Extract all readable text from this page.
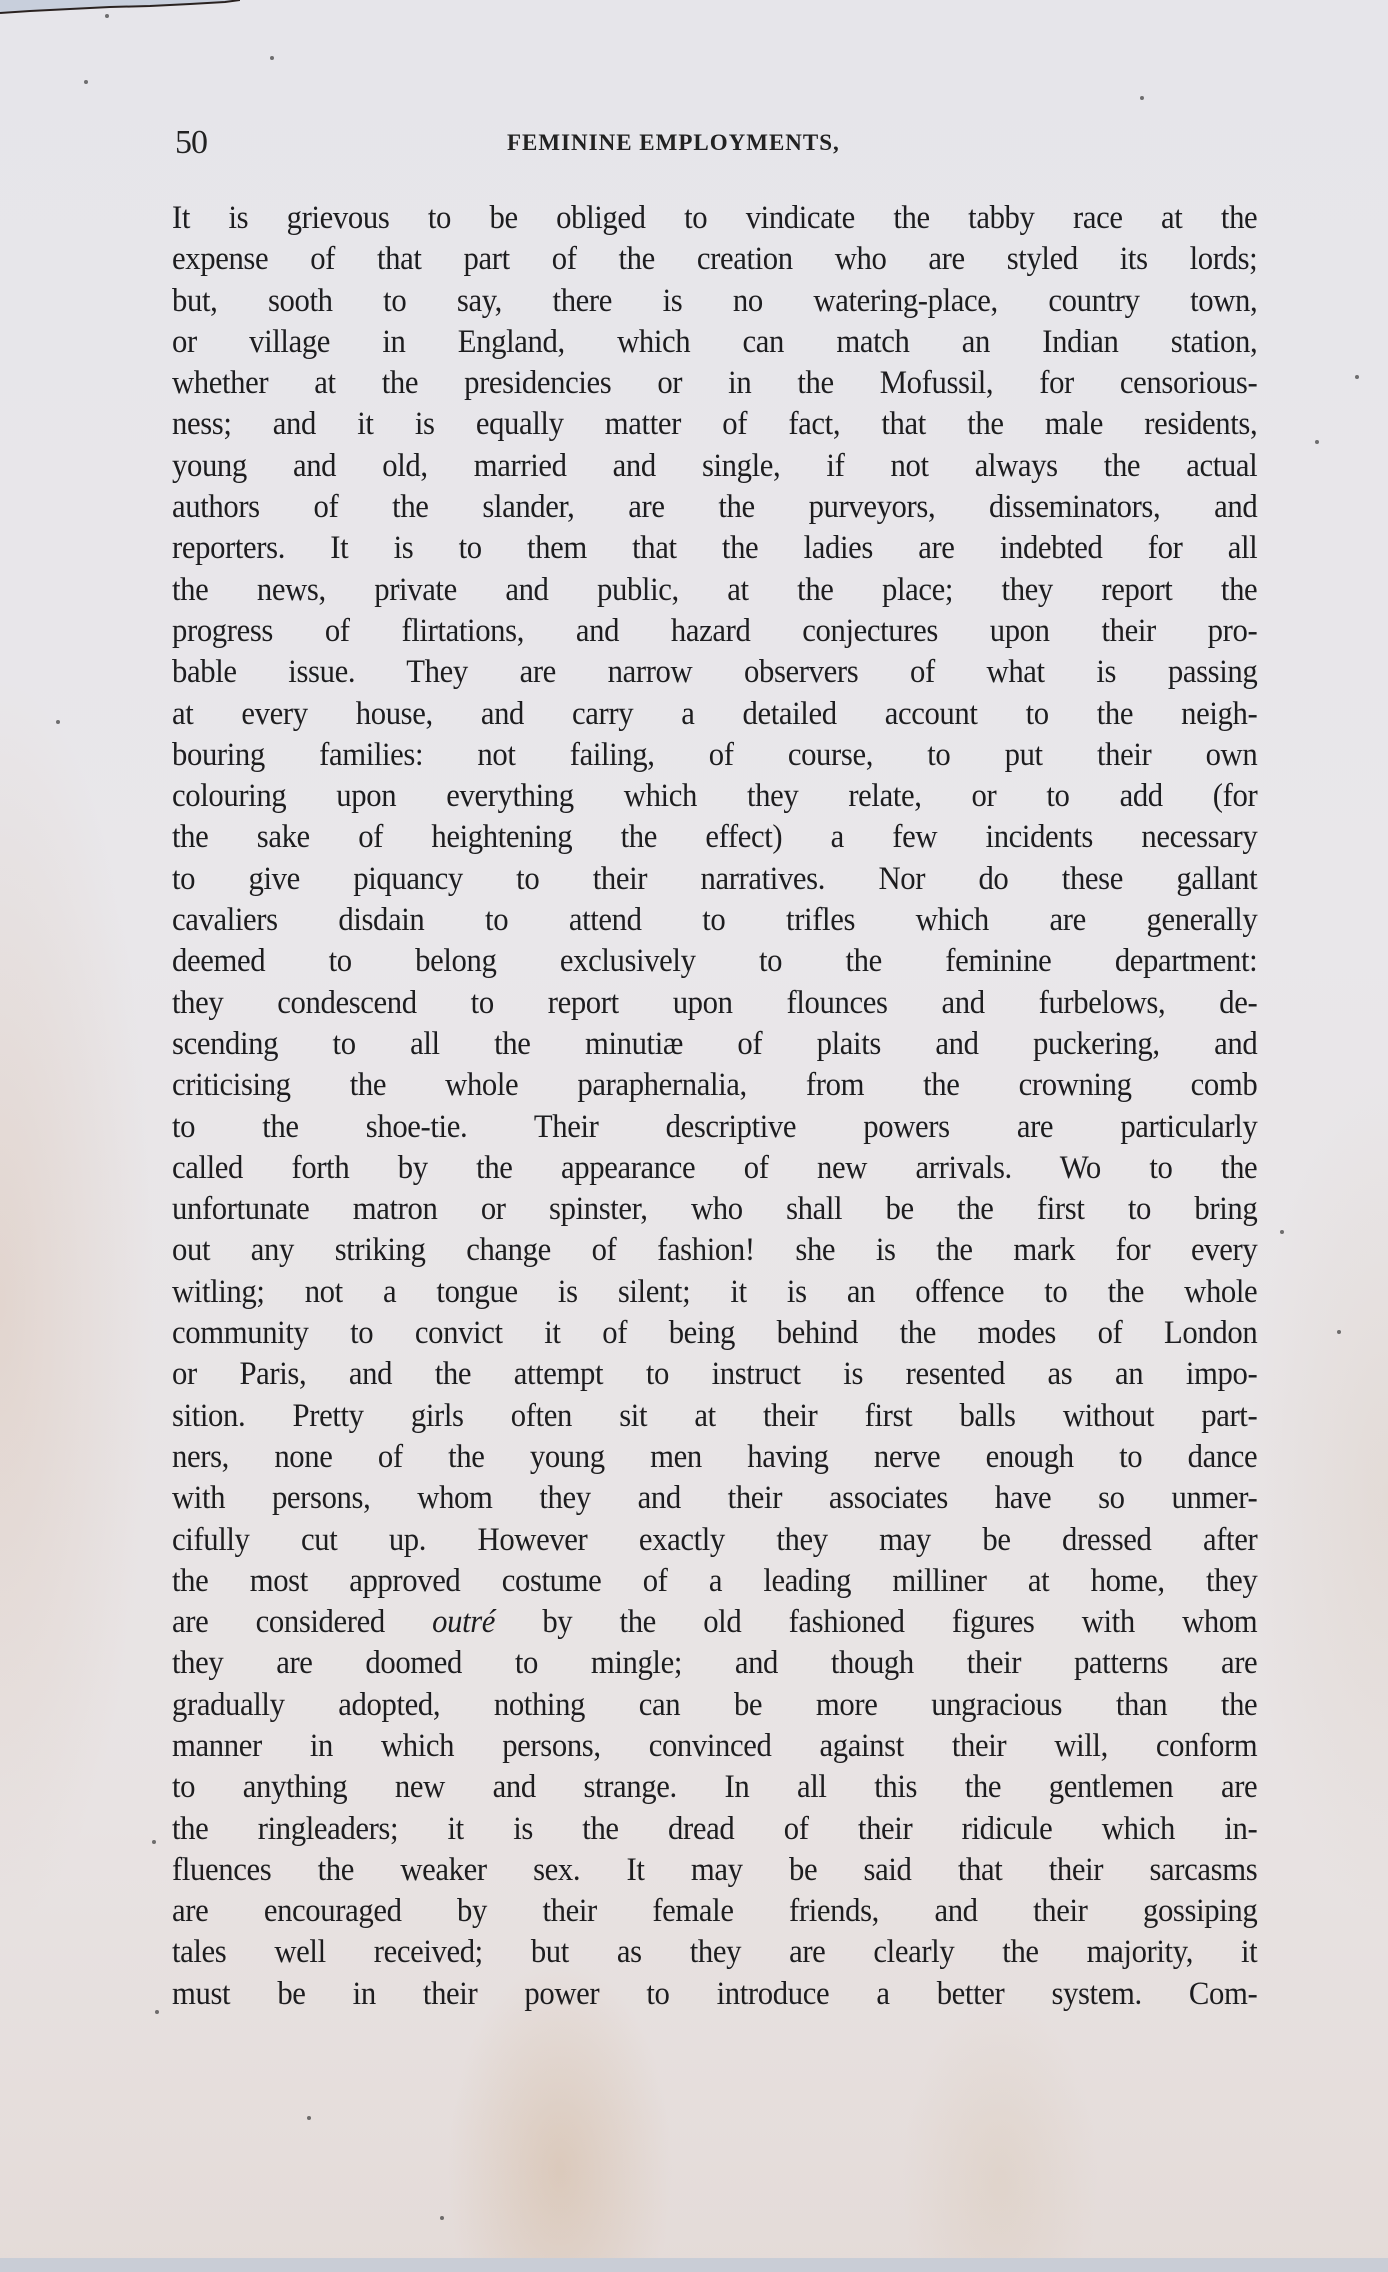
50	FEMININE EMPLOYMENTS,
It is grievous to be obliged to vindicate the tabby race at the
expense of that part of the creation who are styled its lords;
but, sooth to say, there is no watering-place, country town,
or village in England, which can match an Indian station,
whether at the presidencies or in the Mofussil, for censorious-
ness; and it is equally matter of fact, that the male residents,
young and old, married and single, if not always the actual
authors of the slander, are the purveyors, disseminators, and
reporters. It is to them that the ladies are indebted for all
the news, private and public, at the place; they report the
progress of flirtations, and hazard conjectures upon their pro-
bable issue. They are narrow observers of what is passing
at every house, and carry a detailed account to the neigh-
bouring families: not failing, of course, to put their own
colouring upon everything which they relate, or to add (for
the sake of heightening the effect) a few incidents necessary
to give piquancy to their narratives. Nor do these gallant
cavaliers disdain to attend to trifles which are generally
deemed to belong exclusively to the feminine department:
they condescend to report upon flounces and furbelows, de-
scending to all the minutiæ of plaits and puckering, and
criticising the whole paraphernalia, from the crowning comb
to the shoe-tie. Their descriptive powers are particularly
called forth by the appearance of new arrivals. Wo to the
unfortunate matron or spinster, who shall be the first to bring
out any striking change of fashion! she is the mark for every
witling; not a tongue is silent; it is an offence to the whole
community to convict it of being behind the modes of London
or Paris, and the attempt to instruct is resented as an impo-
sition. Pretty girls often sit at their first balls without part-
ners, none of the young men having nerve enough to dance
with persons, whom they and their associates have so unmer-
cifully cut up. However exactly they may be dressed after
the most approved costume of a leading milliner at home, they
are considered outré by the old fashioned figures with whom
they are doomed to mingle; and though their patterns are
gradually adopted, nothing can be more ungracious than the
manner in which persons, convinced against their will, conform
to anything new and strange. In all this the gentlemen are
the ringleaders; it is the dread of their ridicule which in-
fluences the weaker sex. It may be said that their sarcasms
are encouraged by their female friends, and their gossiping
tales well received; but as they are clearly the majority, it
must be in their power to introduce a better system. Com-
